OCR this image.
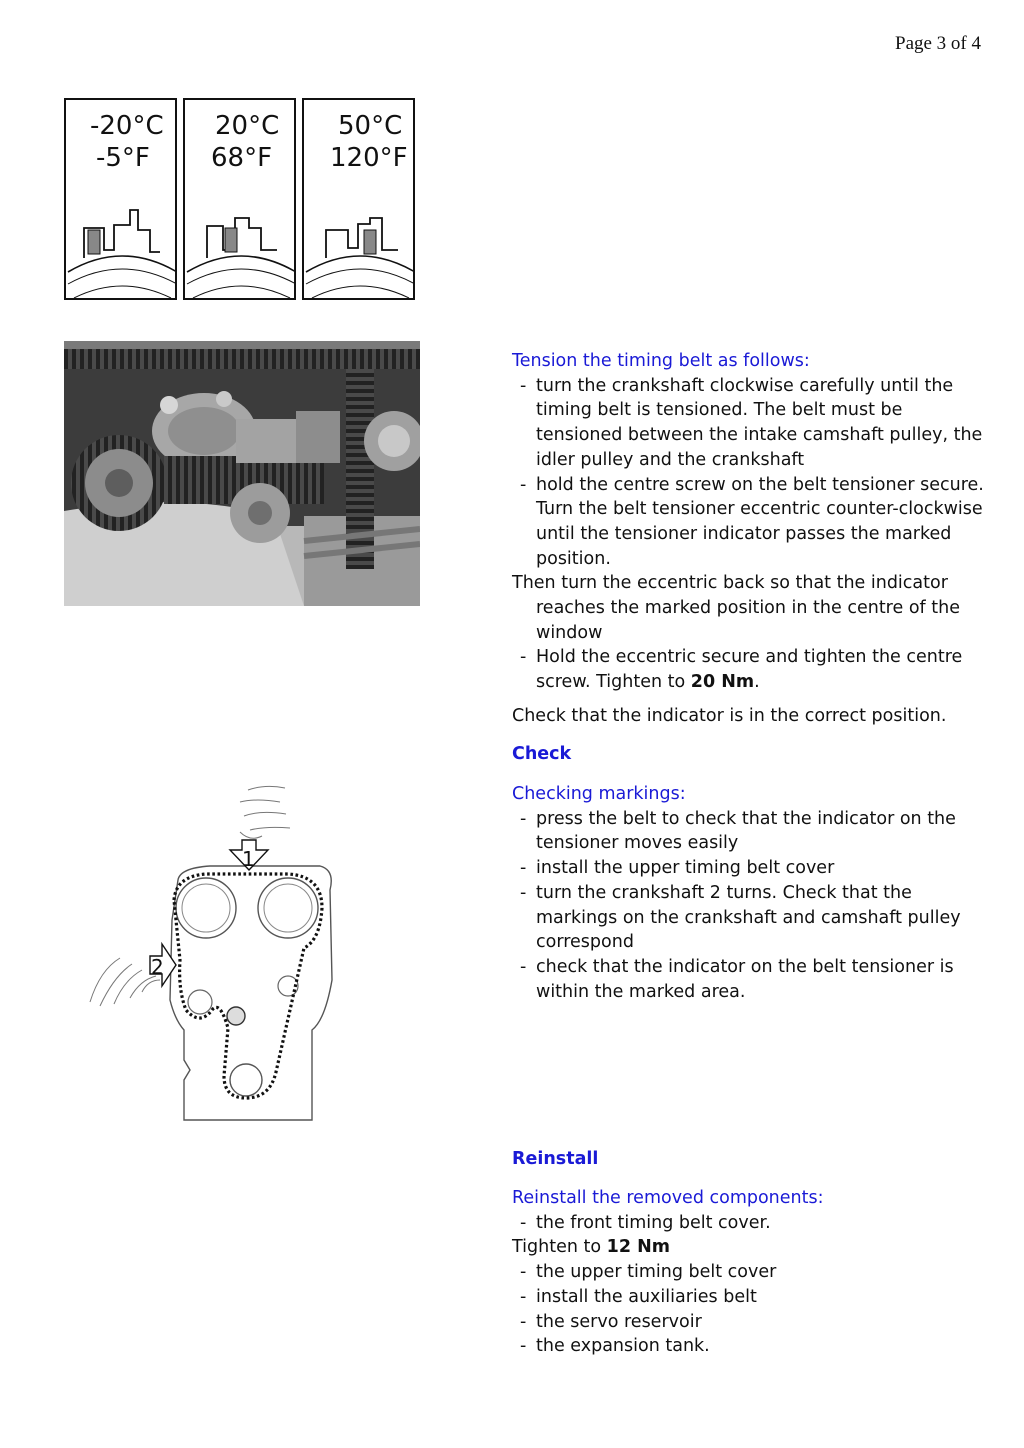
Page 3 of 4
-20°C
-5°F
20°C
68°F
50°C
120°F
1
2
Tension the timing belt as follows:
- turn the crankshaft clockwise carefully until the timing belt is tensioned. The belt must be tensioned between the intake camshaft pulley, the idler pulley and the crankshaft
- hold the centre screw on the belt tensioner secure. Turn the belt tensioner eccentric counter-clockwise until the tensioner indicator passes the marked position.
Then turn the eccentric back so that the indicator
reaches the marked position in the centre of the window
- Hold the eccentric secure and tighten the centre screw. Tighten to 20 Nm.
Check that the indicator is in the correct position.
Check
Checking markings:
- press the belt to check that the indicator on the tensioner moves easily
- install the upper timing belt cover
- turn the crankshaft 2 turns. Check that the markings on the crankshaft and camshaft pulley correspond
- check that the indicator on the belt tensioner is within the marked area.
Reinstall
Reinstall the removed components:
- the front timing belt cover.
Tighten to 12 Nm
- the upper timing belt cover
- install the auxiliaries belt
- the servo reservoir
- the expansion tank.
